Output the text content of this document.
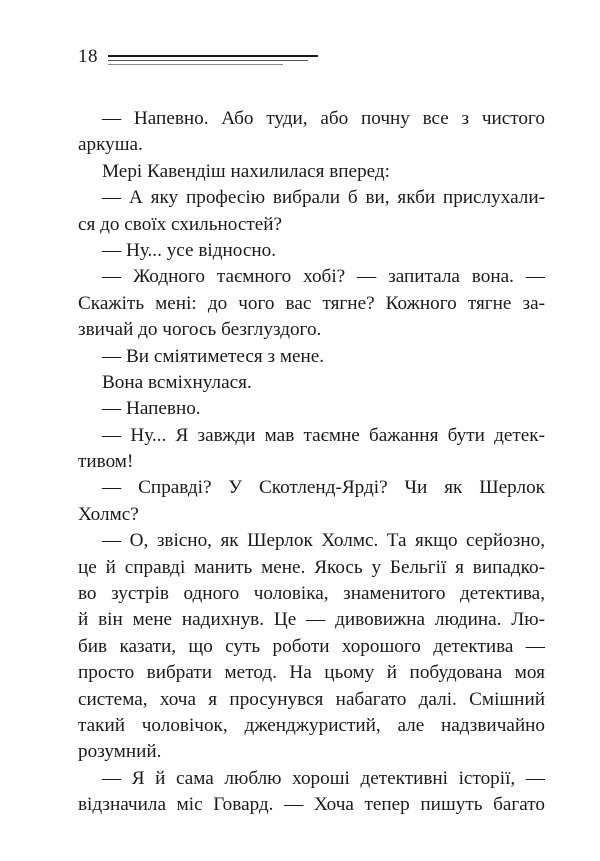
18
— Напевно. Або туди, або почну все з чистого
аркуша.
Мері Кавендіш нахилилася вперед:
— А яку професію вибрали б ви, якби прислухали-
ся до своїх схильностей?
— Ну... усе відносно.
— Жодного таємного хобі? — запитала вона. —
Скажіть мені: до чого вас тягне? Кожного тягне за-
звичай до чогось безглуздого.
— Ви сміятиметеся з мене.
Вона всміхнулася.
— Напевно.
— Ну... Я завжди мав таємне бажання бути детек-
тивом!
— Справді? У Скотленд-Ярді? Чи як Шерлок
Холмс?
— О, звісно, як Шерлок Холмс. Та якщо серйозно,
це й справді манить мене. Якось у Бельгії я випадко-
во зустрів одного чоловіка, знаменитого детектива,
й він мене надихнув. Це — дивовижна людина. Лю-
бив казати, що суть роботи хорошого детектива —
просто вибрати метод. На цьому й побудована моя
система, хоча я просунувся набагато далі. Смішний
такий чоловічок, дженджуристий, але надзвичайно
розумний.
— Я й сама люблю хороші детективні історії, —
відзначила міс Говард. — Хоча тепер пишуть багато
